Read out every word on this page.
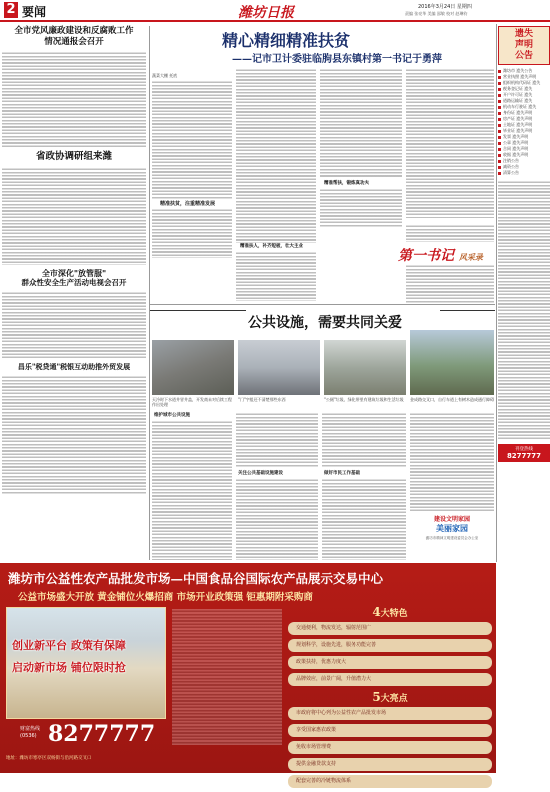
2 要闻	潍坊日报	2016年3月24日 星期四
责编 张亮华 美编 邵敏 校对 赵琳钧
全市党风廉政建设和反腐败工作
情况通报会召开
省政协调研组来潍
全市深化"放管服"
群众性安全生产活动电视会召开
昌乐"税贷通"税银互动助推外贸发展
精心精细精准扶贫
——记市卫计委驻临朐县东镇村第一书记于勇萍
蔬菜大棚 托底
精准扶贫，注重精准发展
精准扶人，补齐短板，壮大主业
精准帮扶，锻炼真功夫
第一书记 风采录
公共设施，需要共同关爱
天冷时下水道井冒井盖，开发商未对后续工程作出处理
"门"字组还不清楚那些东西	"公厕"垃圾、绿化带里有建筑垃圾和生活垃圾	金成路交叉口，自行车道上有树木造成通行障碍
维护城市公共设施
关注公共基础设施建设	做好市民工作基础
建设文明家园
美丽家园
潍坊市精神文明建设委员会办公室
遗失
声明
公告
潍坊市 遗失公告
营业执照 遗失声明
组织机构代码证 遗失
税务登记证 遗失
开户许可证 遗失
道路运输证 遗失
机动车行驶证 遗失
身份证 遗失声明
房产证 遗失声明
土地证 遗失声明
毕业证 遗失声明
发票 遗失声明
公章 遗失声明
合同 遗失声明
收据 遗失声明
注销公告
减资公告
清算公告
刊登热线
8277777
潍坊市公益性农产品批发市场—中国食品谷国际农产品展示交易中心
公益市场盛大开放 黄金铺位火爆招商 市场开业政策强 钜惠期附采购商
创业新平台 政策有保障
启动新市场 铺位限时抢
财富热线
(0536) 8277777
地址：潍坊市寒亭区双杨街与沿河路交叉口
4大特色
交通便利，物流发达，辐射范围广
规划科学，设施先进，服务功能完善
政策扶持，优惠力度大
品牌效应，前景广阔，升值潜力大
5大亮点
市政府将中心列为公益性农产品批发市场
享受国家惠农政策
免收市场管理费
提供金融贷款支持
配套完善的冷链物流体系
